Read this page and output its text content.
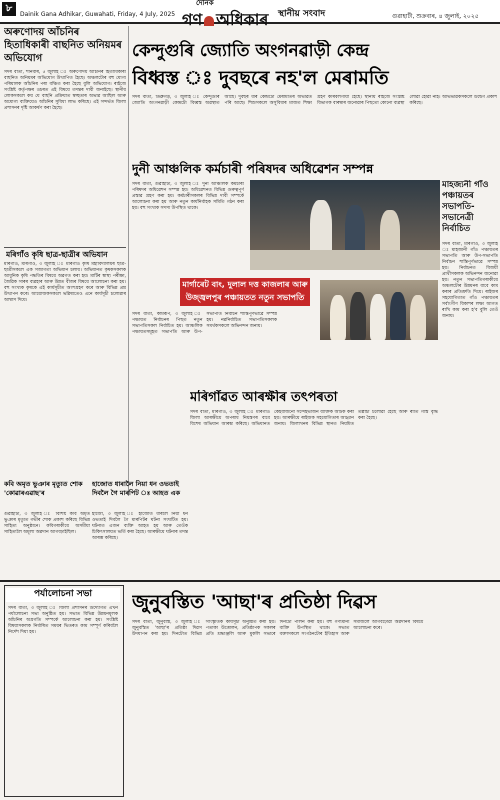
৮
Dainik Gana Adhikar, Guwahati, Friday, 4 July, 2025
দৈনিক
গণ অধিকাৰ স্থানীয় সংবাদ	গুৱাহাটী, শুক্ৰবাৰ, ৪ জুলাই, ২০২৫
অৰুণোদয় আঁচনিৰ হিতাধিকাৰী বাছনিত অনিয়মৰ অভিযোগ
সদৰ বাৰ্তা, শনিবাৰ, ৫ জুলাই ঃ অৰুণোদয় আঁচনিৰ হিতাধিকাৰী বাছনিত অনিয়মৰ অভিযোগ উত্থাপিত হৈছে। অঞ্চলটোৰ বহু যোগ্য পৰিয়ালক আঁচনিৰ পৰা বঞ্চিত কৰা হৈছে বুলি অভিযোগ। ৰাইজে সংশ্লিষ্ট কৰ্তৃপক্ষৰ ওচৰত এই বিষয়ে তদন্তৰ দাবী জনাইছে। স্থানীয় লোকসকলে কয় যে বাছনি প্ৰক্ৰিয়াত স্বচ্ছতাৰ অভাৱ আছিল আৰু অযোগ্য ব্যক্তিয়েও আঁচনিৰ সুবিধা লাভ কৰিছে। এই সন্দৰ্ভত জিলা প্ৰশাসনৰ দৃষ্টি আকৰ্ষণ কৰা হৈছে।
মৰিগাঁও কৃষি ছাত্ৰ-ছাত্ৰীৰ অভিযান
মৰিগাঁও, মৰিগাঁও, ৩ জুলাই ঃ মৰিগাঁও কৃষি মহাবিদ্যালয়ৰ ছাত্ৰ-ছাত্ৰীসকলে এক সজাগতা অভিযান চলায়। অভিযানত কৃষকসকলক আধুনিক কৃষি পদ্ধতিৰ বিষয়ে অৱগত কৰা হয়। মাটিৰ স্বাস্থ্য পৰীক্ষা, জৈৱিক সাৰৰ ব্যৱহাৰ আৰু উন্নত বীজৰ বিষয়ে আলোচনা কৰা হয়। বহু সংখ্যক কৃষকে এই কাৰ্যসূচীত অংশগ্ৰহণ কৰে আৰু বিভিন্ন প্ৰশ্ন উত্থাপন কৰে। আয়োজকসকলে ভৱিষ্যতেও এনে কাৰ্যসূচী চলোৱাৰ আশ্বাস দিয়ে।
কেন্দুগুৰি জ্যোতি অংগনৱাড়ী কেন্দ্ৰ
বিধ্বস্ত ঃ দুবছৰে নহ'ল মেৰামতি
সদৰ বাৰ্তা, ডিব্ৰুগড়, ৩ জুলাই ঃ কেন্দুগুৰি জ্যোতি অংগনৱাড়ী কেন্দ্ৰটো বিধ্বস্ত অৱস্থাত আছে। দুবছৰ ধৰি কেন্দ্ৰটো মেৰামতিৰ অভাৱত পৰি আছে। শিশুসকলে অসুবিধাৰ মাজত শিক্ষা গ্ৰহণ কৰিবলগীয়া হৈছে। স্থানীয় ৰাইজে সংশ্লিষ্ট বিভাগক বাৰম্বাৰ জনোৱাৰ পিছতো কোনো ব্যৱস্থা লোৱা হোৱা নাই। অভিভাৱকসকলে উদ্বেগ প্ৰকাশ কৰিছে।
দুনী আঞ্চলিক কৰ্মচাৰী পৰিষদৰ অধিৱেশন সম্পন্ন
সদৰ বাৰ্তা, গুৱাহাটী, ৩ জুলাই ঃ দুনী আঞ্চলিক কৰ্মচাৰী পৰিষদৰ অধিৱেশন সম্পন্ন হয়। অধিৱেশনত বিভিন্ন গুৰুত্বপূৰ্ণ প্ৰস্তাৱ গ্ৰহণ কৰা হয়। কৰ্মচাৰীসকলৰ বিভিন্ন দাবী সম্পৰ্কে আলোচনা কৰা হয় আৰু নতুন কাৰ্যনিৰ্বাহক সমিতি গঠন কৰা হয়। বহু সংখ্যক সদস্য উপস্থিত থাকে।
মাহজ্যনী গাঁও পঞ্চায়তৰ সভাপতি-সভানেত্ৰী নিৰ্বাচিত
সদৰ বাৰ্তা, মৰিগাঁও, ৩ জুলাই ঃ মাহজ্যনী গাঁও পঞ্চায়তৰ সভাপতি আৰু উপ-সভাপতি নিৰ্বাচন শান্তিপূৰ্ণভাৱে সম্পন্ন হয়। নিৰ্বাচনত বিজয়ী প্ৰাৰ্থীসকলক অভিনন্দন জনোৱা হয়। নতুন সভাপতিগৰাকীয়ে অঞ্চলটোৰ উন্নয়নৰ বাবে কাম কৰাৰ প্ৰতিশ্ৰুতি দিয়ে। ৰাইজৰ সহযোগিতাত গাঁও পঞ্চায়তৰ সৰ্বাংগীণ বিকাশৰ লক্ষ্য আগত ৰাখি কাম কৰা হ'ব বুলি তেওঁ জনায়।
মাৰ্গাৰেট বাং, দুলাল দত্ত কাজলাৰ আৰু উজ্জ্বলপুৰ পঞ্চায়তত নতুন সভাপতি
সদৰ বাৰ্তা, কামৰূপ, ৩ জুলাই ঃ পঞ্চায়ত নিৰ্বাচনৰ পিছত নতুন সভাপতিসকল নিৰ্বাচিত হয়। আঞ্চলিক পঞ্চায়তসমূহত সভাপতি আৰু উপ-সভাপতি নিৰ্বাচন শান্তিপূৰ্ণভাৱে সম্পন্ন হয়। নৱনিৰ্বাচিত সভাপতিসকলক সমৰ্থকসকলে অভিনন্দন জনায়।
মৰিগাঁৱত আৰক্ষীৰ তৎপৰতা
সদৰ বাৰ্তা, মৰিগাঁও, ৩ জুলাই ঃ মৰিগাঁও জিলা আৰক্ষীয়ে অপৰাধ নিয়ন্ত্ৰণৰ বাবে বিশেষ অভিযান আৰম্ভ কৰিছে। অভিযানত কেইবাজনো সন্দেহভাজন ব্যক্তিক আটক কৰা হয়। আৰক্ষীয়ে ৰাইজক সহযোগিতাৰ আহ্বান জনায়। জিলাখনৰ বিভিন্ন স্থানত নিয়মিত তল্লাচী চলোৱা হৈছে আৰু ৰাতি গস্তি বৃদ্ধি কৰা হৈছে।
কবি অমৃত ভুঞাৰ মৃত্যুত শোক 'কোৱাৰএৱাছ'ৰ
গুৱাহাটী, ৩ জুলাই ঃ বিশিষ্ট কবি অমৃত ভুঞাৰ মৃত্যুত গভীৰ শোক প্ৰকাশ কৰিছে বিভিন্ন সাহিত্য অনুষ্ঠানে। কবিগৰাকীয়ে অসমীয়া সাহিত্যলৈ অমূল্য অৱদান আগবঢ়াইছিল।
হাজোত ধাৰালৈ নিয়া ধন ওভতাই দিবলৈ গৈ মাৰপিট ঃ আহত এক
হাজো, ৩ জুলাই ঃ হাজোত ধাৰলৈ নিয়া ধন ওভতাই দিবলৈ গৈ মাৰপিটৰ ঘটনা সংঘটিত হয়। ঘটনাত এজন ব্যক্তি আহত হয় আৰু তেওঁক চিকিৎসালয়ত ভৰ্তি কৰা হৈছে। আৰক্ষীয়ে ঘটনাৰ তদন্ত আৰম্ভ কৰিছে।
পৰ্যালোচনা সভা
সদৰ বাৰ্তা, ৩ জুলাই ঃ জিলা প্ৰশাসনৰ উদ্যোগত এখন পৰ্যালোচনা সভা অনুষ্ঠিত হয়। সভাত বিভিন্ন উন্নয়নমূলক আঁচনিৰ অগ্ৰগতি সম্পৰ্কে আলোচনা কৰা হয়। সংশ্লিষ্ট বিষয়াসকলক নিৰ্ধাৰিত সময়ৰ ভিতৰত কাম সম্পূৰ্ণ কৰিবলৈ নিৰ্দেশ দিয়া হয়।
জুনুবস্তিত 'আছা'ৰ প্ৰতিষ্ঠা দিৱস
সদৰ বাৰ্তা, জুনুবস্তি, ৩ জুলাই ঃ জুনুবস্তিত 'আছা'ৰ প্ৰতিষ্ঠা দিৱস উদযাপন কৰা হয়। দিনটোত বিভিন্ন সাংস্কৃতিক কাৰ্যসূচী অনুষ্ঠিত কৰা হয়। পতাকা উত্তোলন, প্ৰতিষ্ঠাপক সকলৰ প্ৰতি শ্ৰদ্ধাঞ্জলি আৰু মুকলি সভাৰে দিনটো পালন কৰা হয়। বহু গণ্যমান্য ব্যক্তি উপস্থিত থাকে। সভাত বক্তাসকলে সংগঠনটোৰ ইতিহাস আৰু সমাজলৈ আগবঢ়োৱা অৱদানৰ বিষয়ে আলোচনা কৰে।
